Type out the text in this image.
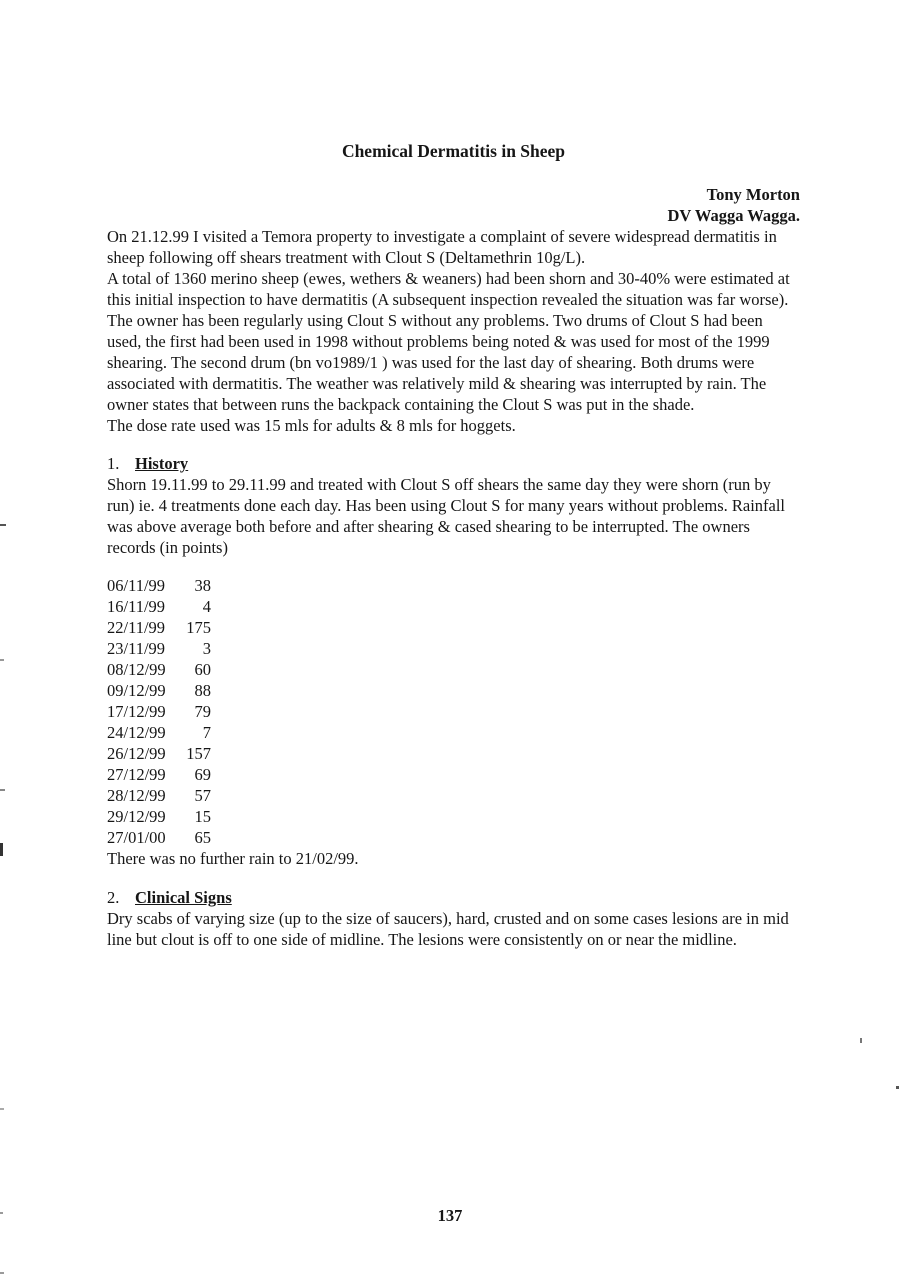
Chemical Dermatitis in Sheep
Tony Morton
DV Wagga Wagga.

On 21.12.99 I visited a Temora property to investigate a complaint of severe widespread dermatitis in sheep following off shears treatment with Clout S (Deltamethrin 10g/L).

A total of 1360 merino sheep (ewes, wethers & weaners) had been shorn and 30-40% were estimated at this initial inspection to have dermatitis (A subsequent inspection revealed the situation was far worse).

The owner has been regularly using Clout S without any problems. Two drums of Clout S had been used, the first had been used in 1998 without problems being noted & was used for most of the 1999 shearing. The second drum (bn vo1989/1 ) was used for the last day of shearing. Both drums were associated with dermatitis. The weather was relatively mild & shearing was interrupted by rain. The owner states that between runs the backpack containing the Clout S was put in the shade.

The dose rate used was 15 mls for adults & 8 mls for hoggets.

1. History

Shorn 19.11.99 to 29.11.99 and treated with Clout S off shears the same day they were shorn (run by run) ie. 4 treatments done each day. Has been using Clout S for many years without problems. Rainfall was above average both before and after shearing & cased shearing to be interrupted. The owners records (in points)

06/11/99	38
16/11/99	4
22/11/99	175
23/11/99	3
08/12/99	60
09/12/99	88
17/12/99	79
24/12/99	7
26/12/99	157
27/12/99	69
28/12/99	57
29/12/99	15
27/01/00	65

There was no further rain to 21/02/99.

2. Clinical Signs

Dry scabs of varying size (up to the size of saucers), hard, crusted and on some cases lesions are in mid line but clout is off to one side of midline. The lesions were consistently on or near the midline.

137
